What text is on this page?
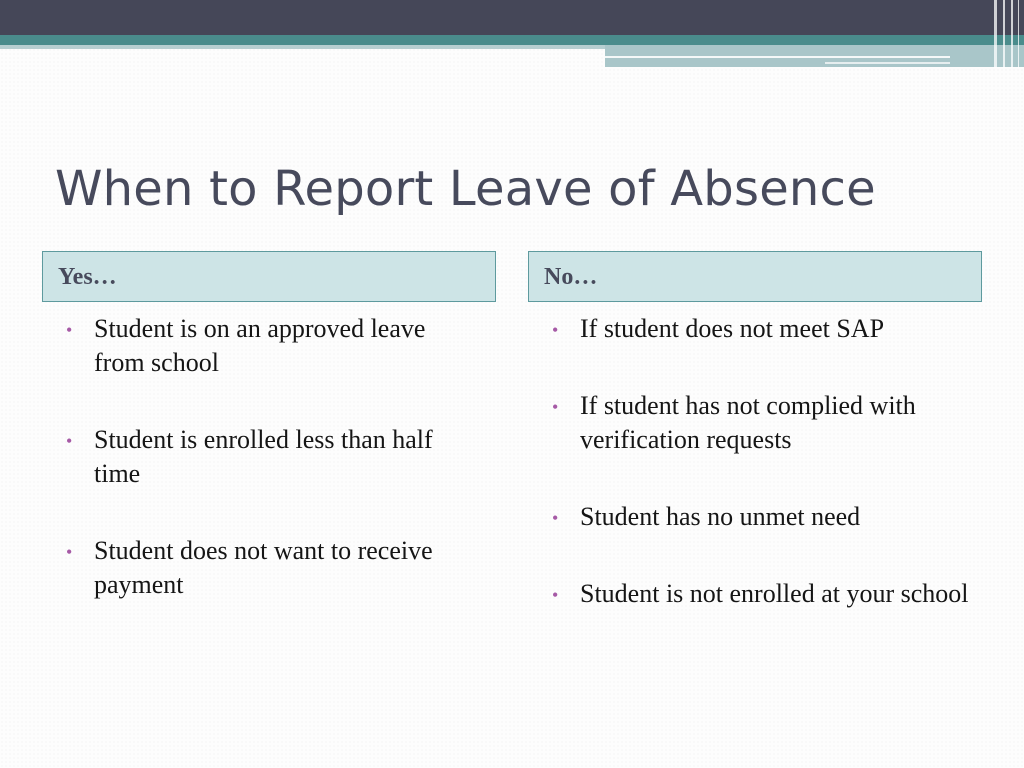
When to Report Leave of Absence
Yes…	No…
• Student is on an approved leave from school
• Student is enrolled less than half time
• Student does not want to receive payment
• If student does not meet SAP
• If student has not complied with verification requests
• Student has no unmet need
• Student is not enrolled at your school
